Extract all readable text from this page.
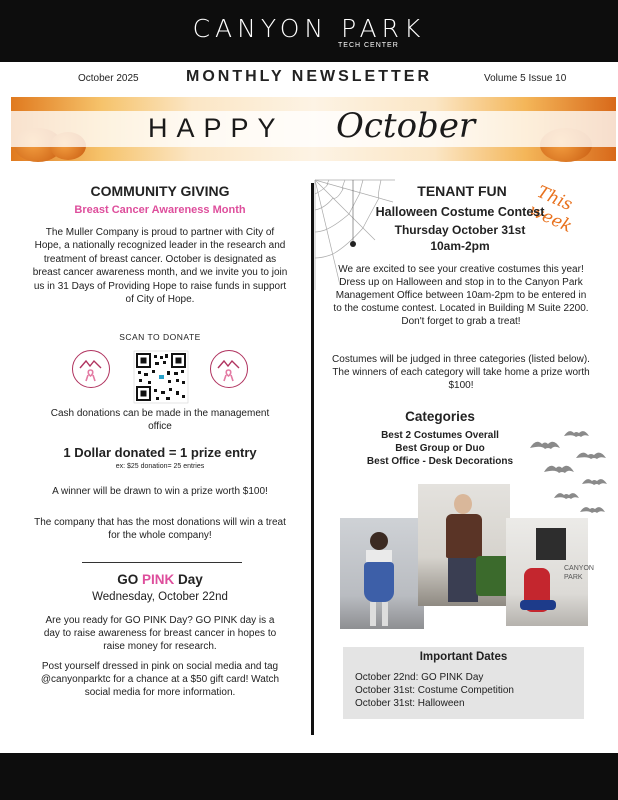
CANYON PARK
TECH CENTER
October 2025	MONTHLY NEWSLETTER	Volume 5 Issue 10
HAPPY October
COMMUNITY GIVING
Breast Cancer Awareness Month
The Muller Company is proud to partner with City of Hope, a nationally recognized leader in the research and treatment of breast cancer. October is designated as breast cancer awareness month, and we invite you to join us in 31 Days of Providing Hope to raise funds in support of City of Hope.
SCAN TO DONATE
Cash donations can be made in the management office
1 Dollar donated = 1 prize entry
ex: $25 donation= 25 entries
A winner will be drawn to win a prize worth $100!
The company that has the most donations will win a treat for the whole company!
GO PINK Day
Wednesday, October 22nd
Are you ready for GO PINK Day? GO PINK day is a day to raise awareness for breast cancer in hopes to raise money for research.
Post yourself dressed in pink on social media and tag @canyonparktc for a chance at a $50 gift card! Watch social media for more information.
TENANT FUN	This week
Halloween Costume Contest
Thursday October 31st
10am-2pm
We are excited to see your creative costumes this year! Dress up on Halloween and stop in to the Canyon Park Management Office between 10am-2pm to be entered in to the costume contest. Located in Building M Suite 2200. Don't forget to grab a treat!
Costumes will be judged in three categories (listed below). The winners of each category will take home a prize worth $100!
Categories
Best 2 Costumes Overall
Best Group or Duo
Best Office - Desk Decorations
CANYON PARK
Important Dates
October 22nd: GO PINK Day
October 31st: Costume Competition
October 31st: Halloween
